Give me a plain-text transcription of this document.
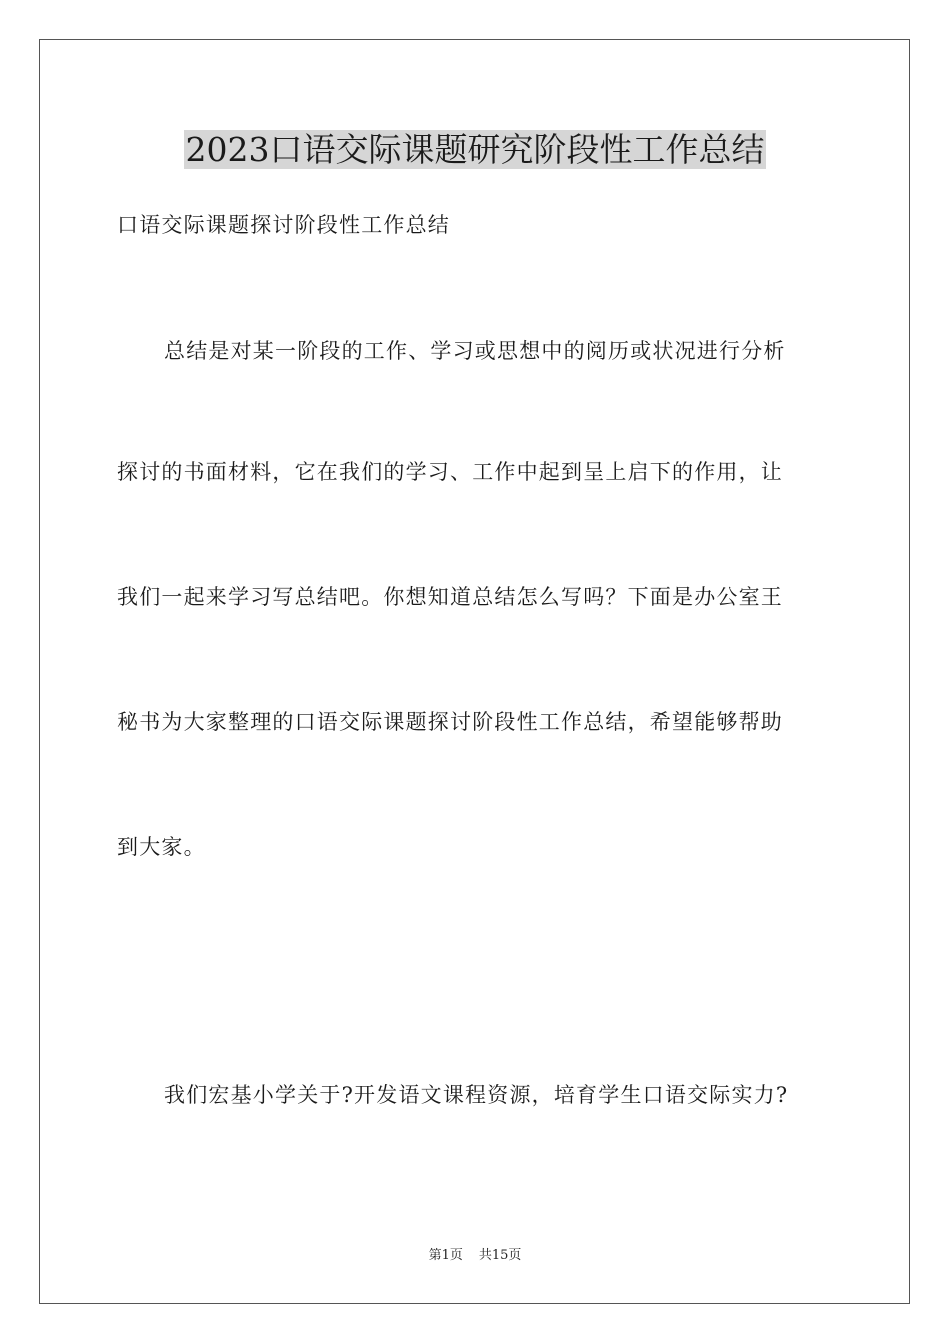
2023口语交际课题研究阶段性工作总结

口语交际课题探讨阶段性工作总结

总结是对某一阶段的工作、学习或思想中的阅历或状况进行分析

探讨的书面材料，它在我们的学习、工作中起到呈上启下的作用，让

我们一起来学习写总结吧。你想知道总结怎么写吗？下面是办公室王

秘书为大家整理的口语交际课题探讨阶段性工作总结，希望能够帮助

到大家。

我们宏基小学关于?开发语文课程资源，培育学生口语交际实力?

第1页 共15页
